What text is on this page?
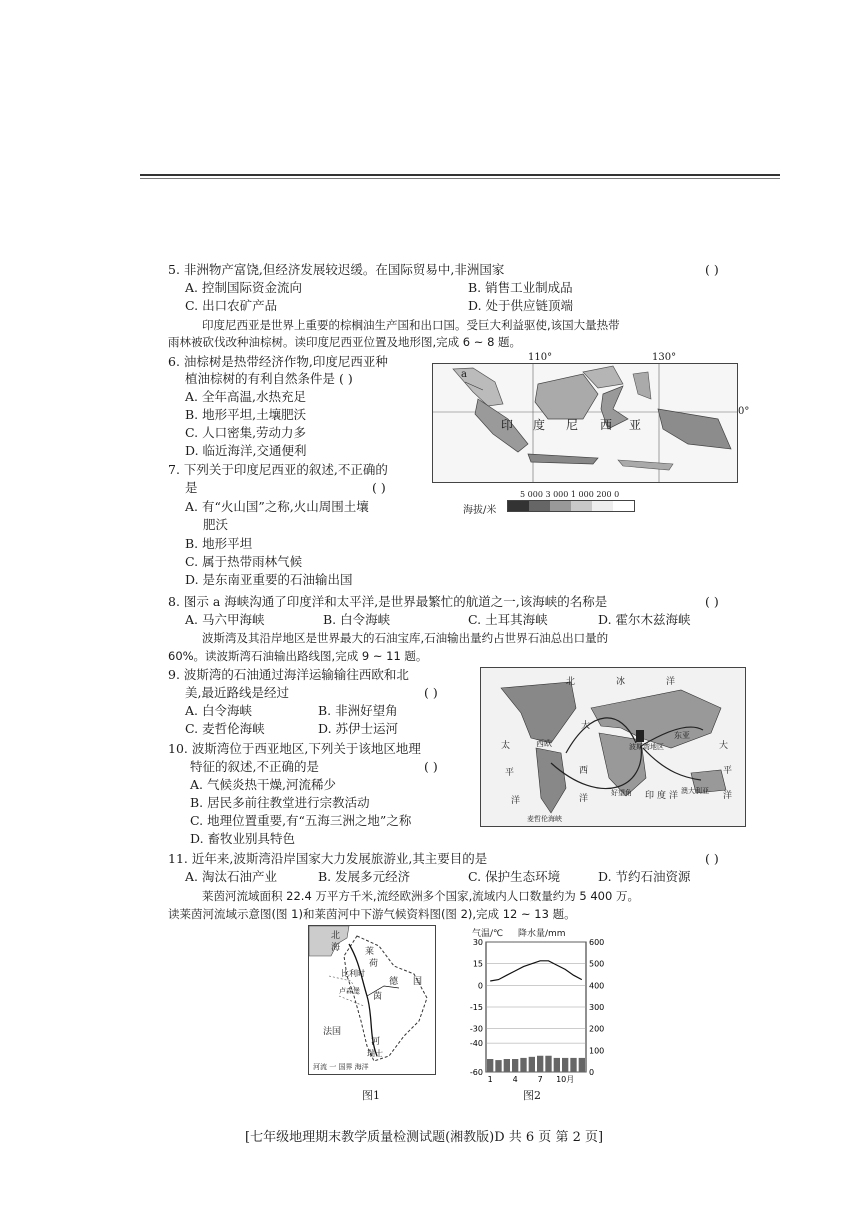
5. 非洲物产富饶,但经济发展较迟缓。在国际贸易中,非洲国家	( )
A. 控制国际资金流向	B. 销售工业制成品
C. 出口农矿产品	D. 处于供应链顶端
印度尼西亚是世界上重要的棕榈油生产国和出口国。受巨大利益驱使,该国大量热带
雨林被砍伐改种油棕树。读印度尼西亚位置及地形图,完成 6 ~ 8 题。
6. 油棕树是热带经济作物,印度尼西亚种
植油棕树的有利自然条件是 ( )
A. 全年高温,水热充足
B. 地形平坦,土壤肥沃
C. 人口密集,劳动力多
D. 临近海洋,交通便利
7. 下列关于印度尼西亚的叙述,不正确的
是	( )
A. 有“火山国”之称,火山周围土壤
肥沃
B. 地形平坦
C. 属于热带雨林气候
D. 是东南亚重要的石油输出国
110°	130°
a
印 度 尼 西 亚
0°
5 000 3 000 1 000 200 0
海拔/米
8. 图示 a 海峡沟通了印度洋和太平洋,是世界最繁忙的航道之一,该海峡的名称是	( )
A. 马六甲海峡	B. 白令海峡	C. 土耳其海峡	D. 霍尔木兹海峡
波斯湾及其沿岸地区是世界最大的石油宝库,石油输出量约占世界石油总出口量的
60%。读波斯湾石油输出路线图,完成 9 ~ 11 题。
9. 波斯湾的石油通过海洋运输输往西欧和北
美,最近路线是经过	( )
A. 白令海峡	B. 非洲好望角
C. 麦哲伦海峡	D. 苏伊士运河
10. 波斯湾位于西亚地区,下列关于该地区地理
特征的叙述,不正确的是	( )
A. 气候炎热干燥,河流稀少
B. 居民多前往教堂进行宗教活动
C. 地理位置重要,有“五海三洲之地”之称
D. 畜牧业别具特色
北	冰	洋
大
西
洋
太
平
洋	印 度 洋
大
平
洋
西欧
东亚
波斯湾地区
好望角	澳大利亚
麦哲伦海峡
11. 近年来,波斯湾沿岸国家大力发展旅游业,其主要目的是	( )
A. 淘汰石油产业	B. 发展多元经济	C. 保护生态环境	D. 节约石油资源
莱茵河流域面积 22.4 万平方千米,流经欧洲多个国家,流域内人口数量约为 5 400 万。
读莱茵河流域示意图(图 1)和莱茵河中下游气候资料图(图 2),完成 12 ~ 13 题。
北
海
荷
德 国
比利时
卢森堡
法国
莱
茵
河
瑞士
河流 一 国界 海洋
图1
气温/℃ 降水量/mm
30
15
0
-15
-30
-40
-60
600
500
400
300
200
100
0
1 4 7 10月
图2
[七年级地理期末教学质量检测试题(湘教版)D 共 6 页 第 2 页]
